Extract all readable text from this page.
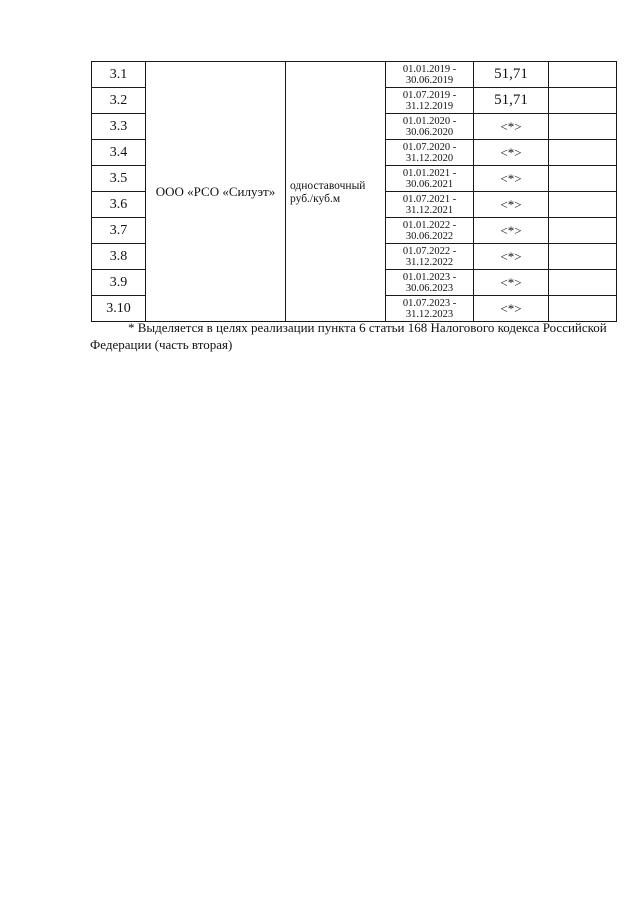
3.1	ООО «РСО «Силуэт»	одноставочный руб./куб.м	01.01.2019 - 30.06.2019	51,71	
3.2			01.07.2019 - 31.12.2019	51,71	
3.3			01.01.2020 - 30.06.2020	<*>	
3.4			01.07.2020 - 31.12.2020	<*>	
3.5			01.01.2021 - 30.06.2021	<*>	
3.6			01.07.2021 - 31.12.2021	<*>	
3.7			01.01.2022 - 30.06.2022	<*>	
3.8			01.07.2022 - 31.12.2022	<*>	
3.9			01.01.2023 - 30.06.2023	<*>	
3.10			01.07.2023 - 31.12.2023	<*>	
* Выделяется в целях реализации пункта 6 статьи 168 Налогового кодекса Российской Федерации (часть вторая)
